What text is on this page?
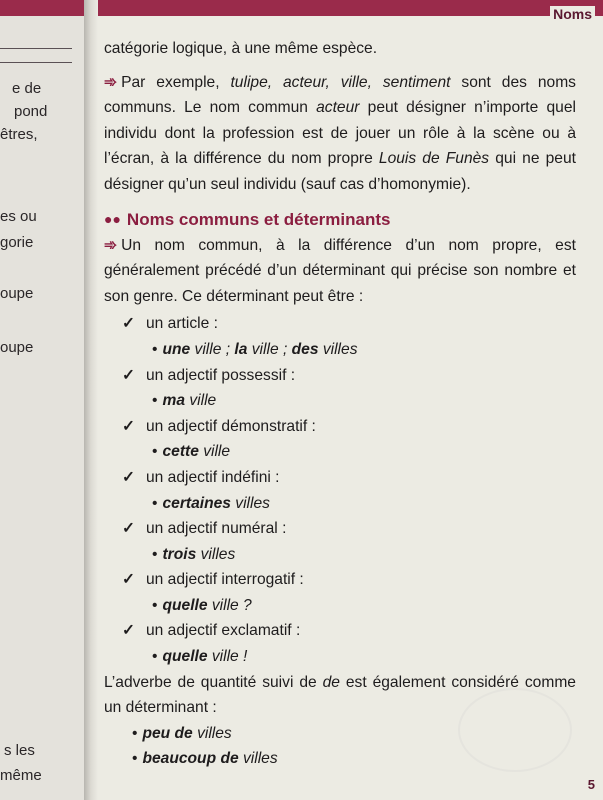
e de
pond
êtres,
es ou
gorie
oupe
oupe
s les
même
Noms

catégorie logique, à une même espèce.

➾ Par exemple, tulipe, acteur, ville, sentiment sont des noms communs. Le nom commun acteur peut désigner n’importe quel individu dont la profession est de jouer un rôle à la scène ou à l’écran, à la différence du nom propre Louis de Funès qui ne peut désigner qu’un seul individu (sauf cas d’homonymie).

●● Noms communs et déterminants

➾ Un nom commun, à la différence d’un nom propre, est généralement précédé d’un déterminant qui précise son nombre et son genre. Ce déterminant peut être :

✓ un article :
• une ville ; la ville ; des villes
✓ un adjectif possessif :
• ma ville
✓ un adjectif démonstratif :
• cette ville
✓ un adjectif indéfini :
• certaines villes
✓ un adjectif numéral :
• trois villes
✓ un adjectif interrogatif :
• quelle ville ?
✓ un adjectif exclamatif :
• quelle ville !

L’adverbe de quantité suivi de de est également considéré comme un déterminant :

• peu de villes
• beaucoup de villes
5
